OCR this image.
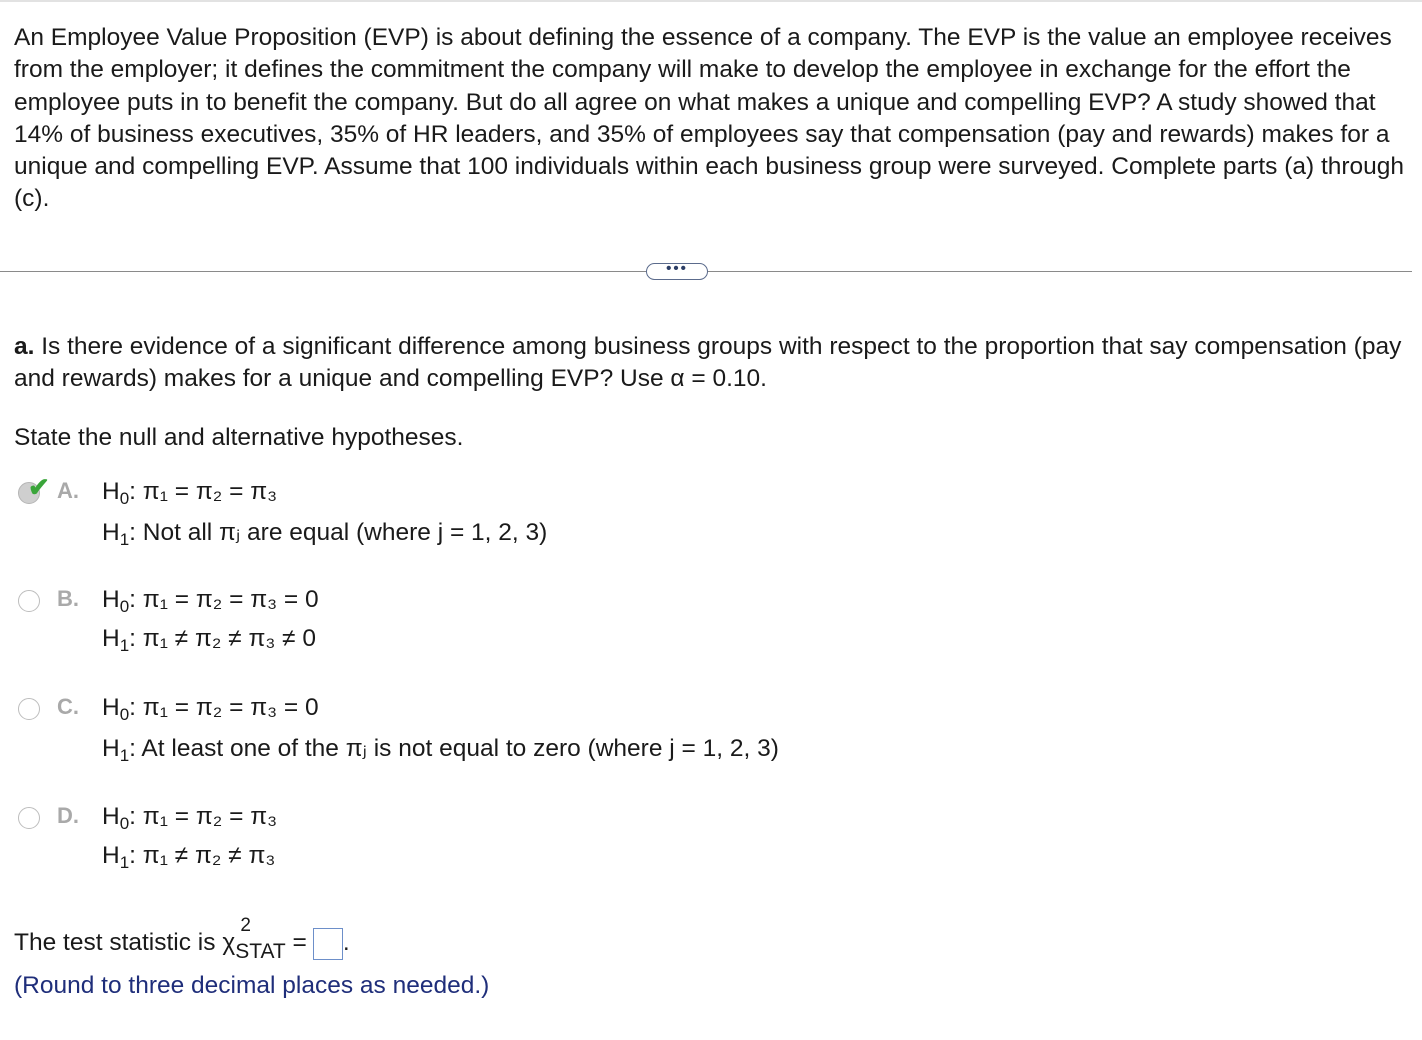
An Employee Value Proposition (EVP) is about defining the essence of a company. The EVP is the value an employee receives from the employer; it defines the commitment the company will make to develop the employee in exchange for the effort the employee puts in to benefit the company. But do all agree on what makes a unique and compelling EVP? A study showed that 14% of business executives, 35% of HR leaders, and 35% of employees say that compensation (pay and rewards) makes for a unique and compelling EVP. Assume that 100 individuals within each business group were surveyed. Complete parts (a) through (c).
•••
a. Is there evidence of a significant difference among business groups with respect to the proportion that say compensation (pay and rewards) makes for a unique and compelling EVP? Use α = 0.10.
State the null and alternative hypotheses.
✔ A. $H_0$: π₁ = π₂ = π₃
$H_1$: Not all πⱼ are equal (where j = 1, 2, 3)
B. $H_0$: π₁ = π₂ = π₃ = 0
$H_1$: π₁ ≠ π₂ ≠ π₃ ≠ 0
C. $H_0$: π₁ = π₂ = π₃ = 0
$H_1$: At least one of the πⱼ is not equal to zero (where j = 1, 2, 3)
D. $H_0$: π₁ = π₂ = π₃
$H_1$: π₁ ≠ π₂ ≠ π₃
The test statistic is χ
2
STAT = .
(Round to three decimal places as needed.)
